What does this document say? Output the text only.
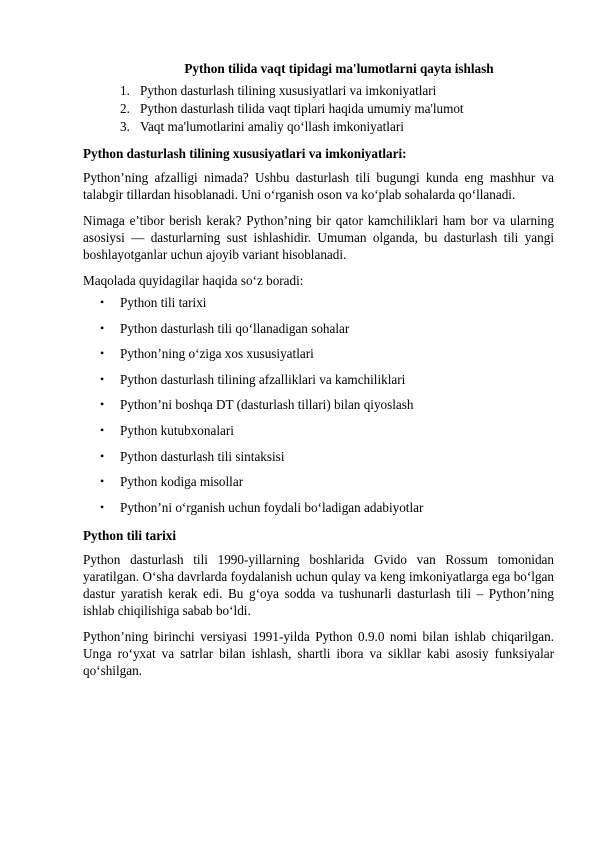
Python tilida vaqt tipidagi ma'lumotlarni qayta ishlash
1. Python dasturlash tilining xususiyatlari va imkoniyatlari
2. Python dasturlash tilida vaqt tiplari haqida umumiy ma'lumot
3. Vaqt ma'lumotlarini amaliy qo‘llash imkoniyatlari
Python dasturlash tilining xususiyatlari va imkoniyatlari:

Python’ning afzalligi nimada? Ushbu dasturlash tili bugungi kunda eng mashhur va talabgir tillardan hisoblanadi. Uni o‘rganish oson va ko‘plab sohalarda qo‘llanadi.

Nimaga e’tibor berish kerak? Python’ning bir qator kamchiliklari ham bor va ularning asosiysi — dasturlarning sust ishlashidir. Umuman olganda, bu dasturlash tili yangi boshlayotganlar uchun ajoyib variant hisoblanadi.

Maqolada quyidagilar haqida so‘z boradi:

• Python tili tarixi
• Python dasturlash tili qo‘llanadigan sohalar
• Python’ning o‘ziga xos xususiyatlari
• Python dasturlash tilining afzalliklari va kamchiliklari
• Python’ni boshqa DT (dasturlash tillari) bilan qiyoslash
• Python kutubxonalari
• Python dasturlash tili sintaksisi
• Python kodiga misollar
• Python’ni o‘rganish uchun foydali bo‘ladigan adabiyotlar
Python tili tarixi

Python dasturlash tili 1990-yillarning boshlarida Gvido van Rossum tomonidan yaratilgan. O‘sha davrlarda foydalanish uchun qulay va keng imkoniyatlarga ega bo‘lgan dastur yaratish kerak edi. Bu g‘oya sodda va tushunarli dasturlash tili – Python’ning ishlab chiqilishiga sabab bo‘ldi.

Python’ning birinchi versiyasi 1991-yilda Python 0.9.0 nomi bilan ishlab chiqarilgan. Unga ro‘yxat va satrlar bilan ishlash, shartli ibora va sikllar kabi asosiy funksiyalar qo‘shilgan.
